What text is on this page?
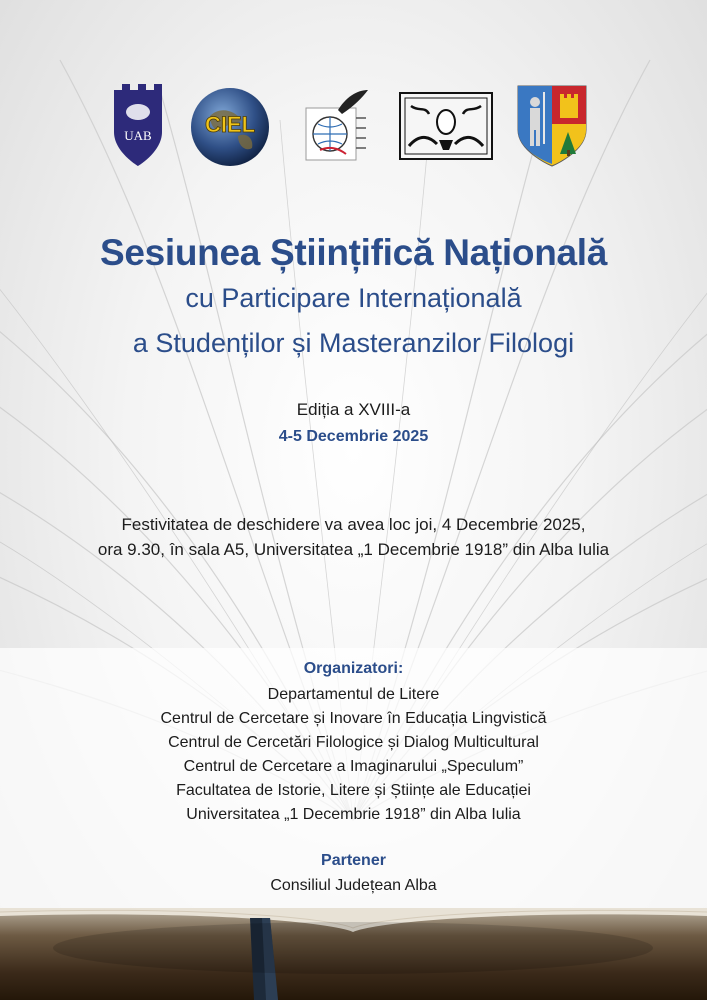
UAB CIEL
Sesiunea Științifică Națională
cu Participare Internațională
a Studenților și Masteranzilor Filologi
Ediția a XVIII-a
4-5 Decembrie 2025
Festivitatea de deschidere va avea loc joi, 4 Decembrie 2025,
ora 9.30, în sala A5, Universitatea „1 Decembrie 1918” din Alba Iulia
Organizatori:
Departamentul de Litere
Centrul de Cercetare și Inovare în Educația Lingvistică
Centrul de Cercetări Filologice și Dialog Multicultural
Centrul de Cercetare a Imaginarului „Speculum”
Facultatea de Istorie, Litere și Științe ale Educației
Universitatea „1 Decembrie 1918” din Alba Iulia
Partener
Consiliul Județean Alba
